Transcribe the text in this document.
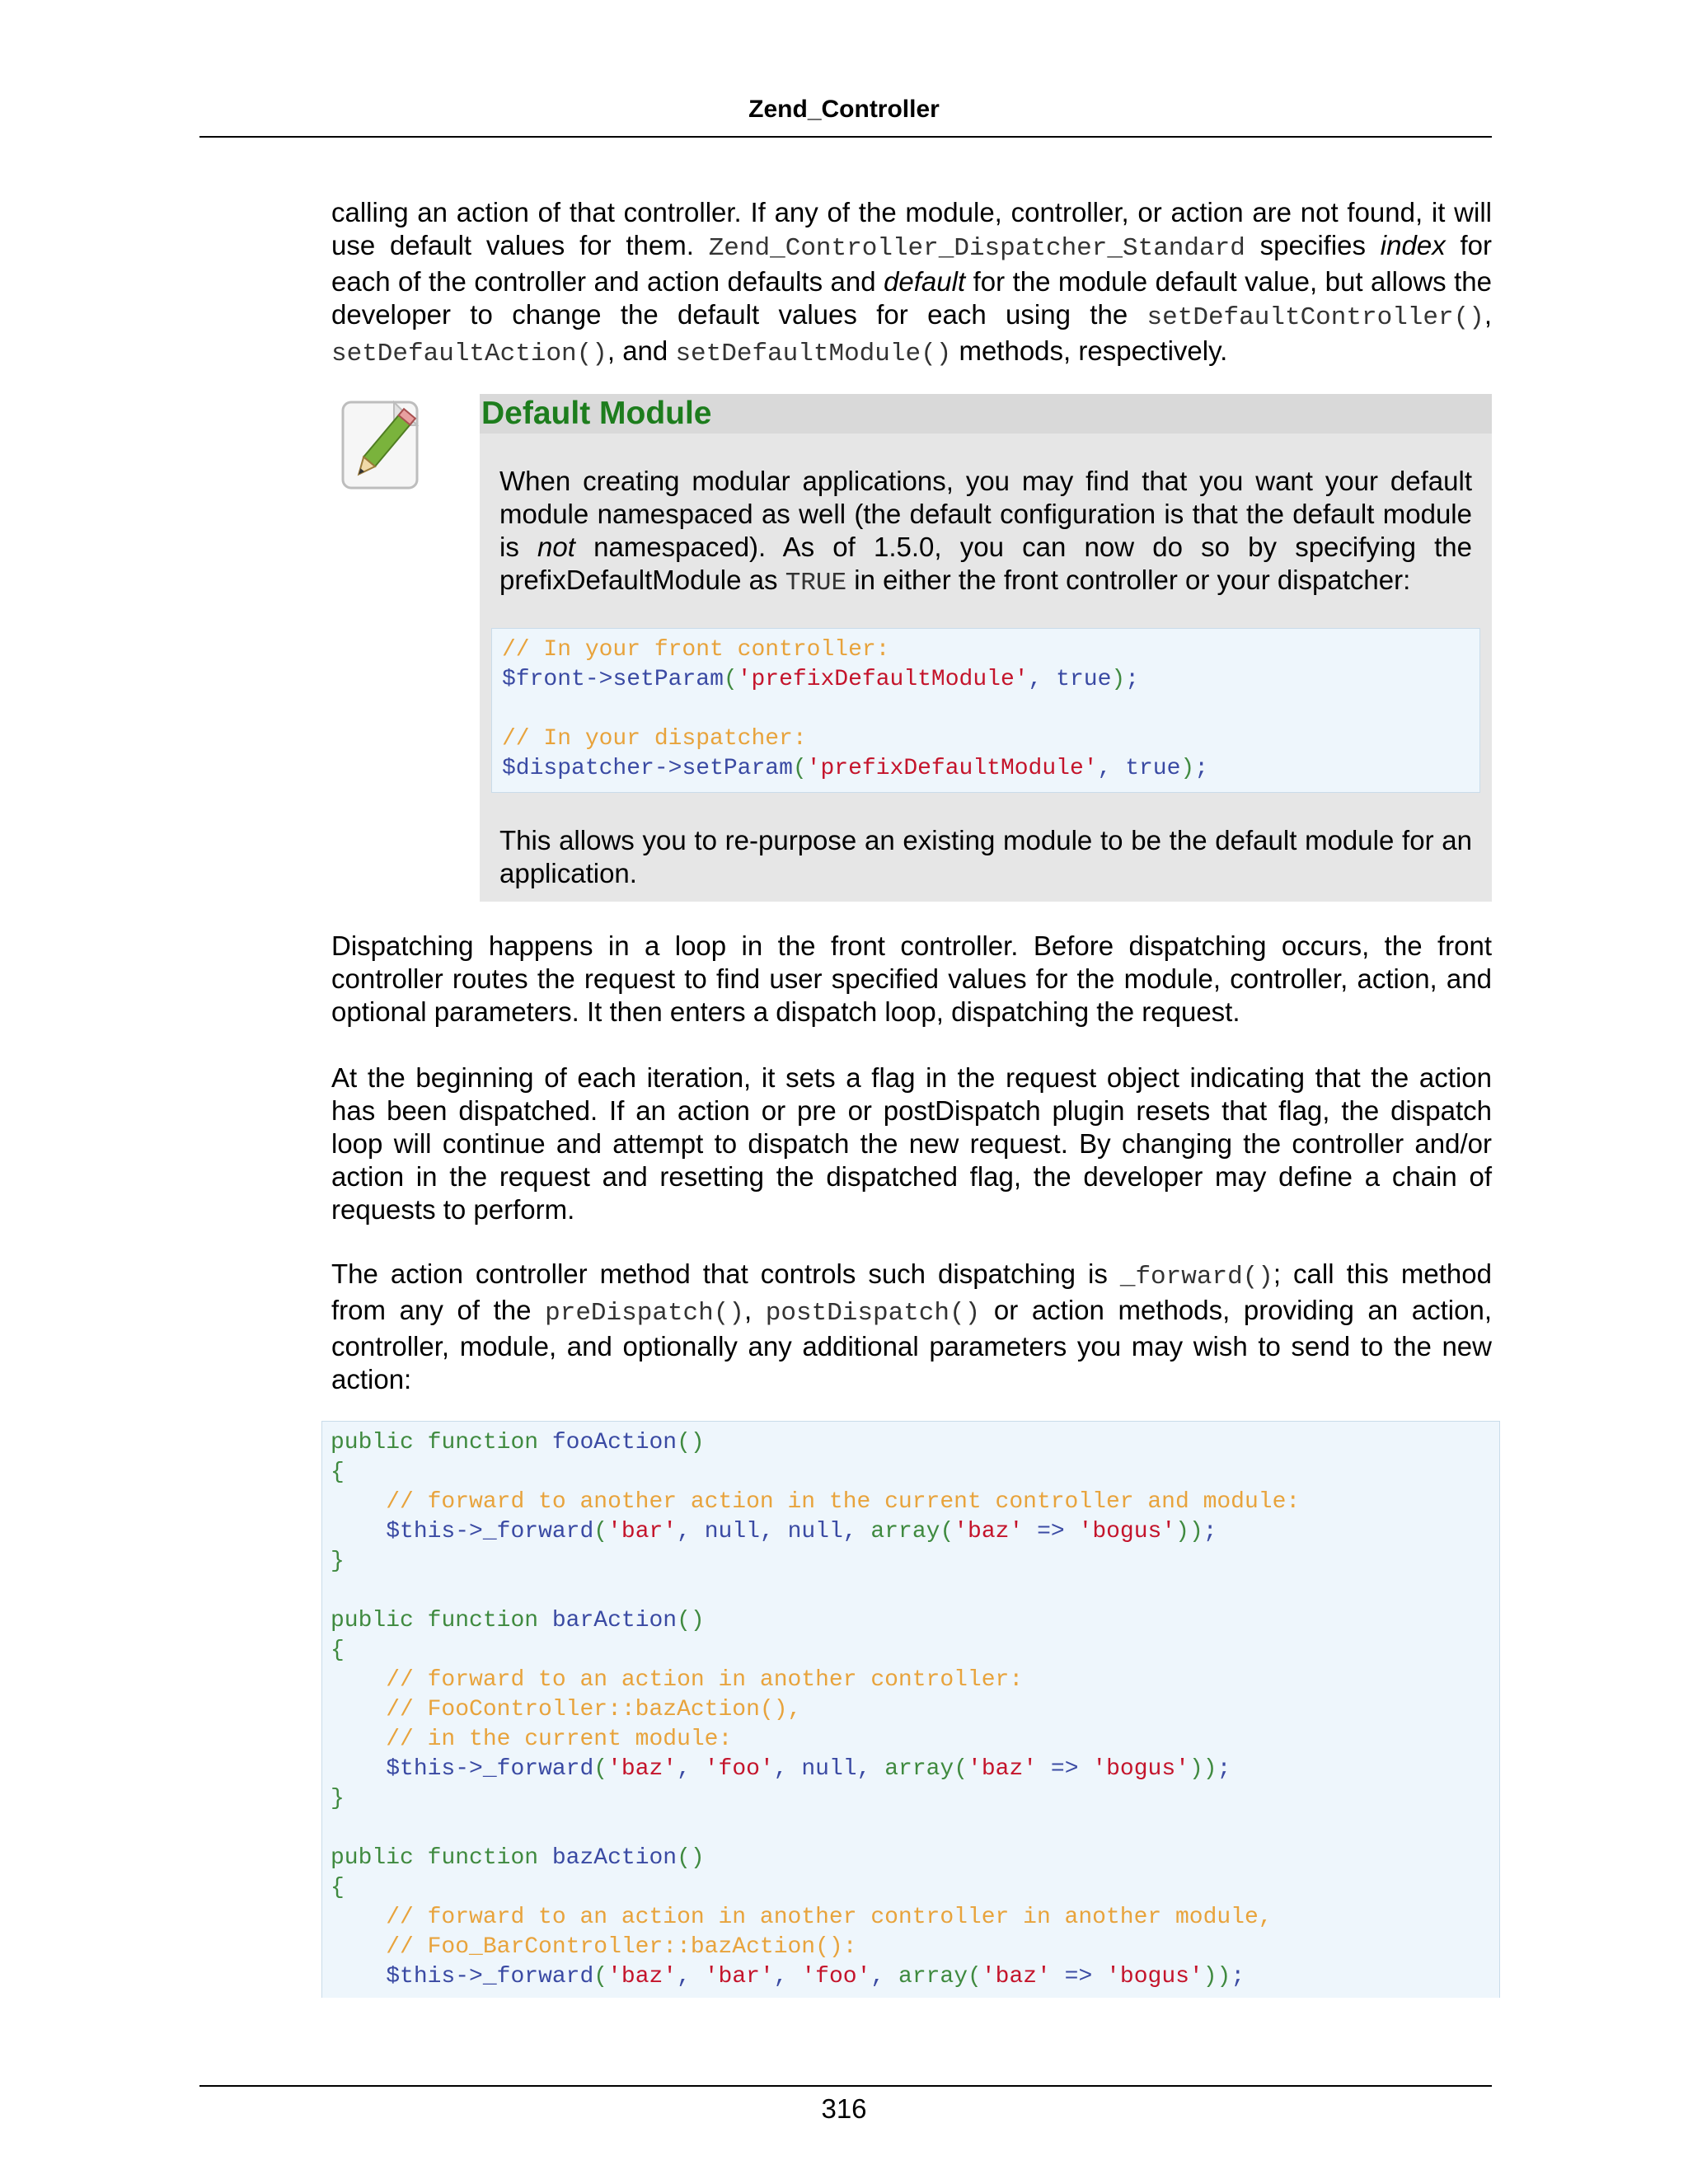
Zend_Controller

calling an action of that controller. If any of the module, controller, or action are not found, it will use default values for them. Zend_Controller_Dispatcher_Standard specifies index for each of the controller and action defaults and default for the module default value, but allows the developer to change the default values for each using the setDefaultController(), setDefaultAction(), and setDefaultModule() methods, respectively.

Default Module

When creating modular applications, you may find that you want your default module namespaced as well (the default configuration is that the default module is not namespaced). As of 1.5.0, you can now do so by specifying the prefixDefaultModule as TRUE in either the front controller or your dispatcher:

// In your front controller:
$front->setParam('prefixDefaultModule', true);

// In your dispatcher:
$dispatcher->setParam('prefixDefaultModule', true);

This allows you to re-purpose an existing module to be the default module for an application.

Dispatching happens in a loop in the front controller. Before dispatching occurs, the front controller routes the request to find user specified values for the module, controller, action, and optional parameters. It then enters a dispatch loop, dispatching the request.

At the beginning of each iteration, it sets a flag in the request object indicating that the action has been dispatched. If an action or pre or postDispatch plugin resets that flag, the dispatch loop will continue and attempt to dispatch the new request. By changing the controller and/or action in the request and resetting the dispatched flag, the developer may define a chain of requests to perform.

The action controller method that controls such dispatching is _forward(); call this method from any of the preDispatch(), postDispatch() or action methods, providing an action, controller, module, and optionally any additional parameters you may wish to send to the new action:

public function fooAction()
{
// forward to another action in the current controller and module:
$this->_forward('bar', null, null, array('baz' => 'bogus'));
}

public function barAction()
{
// forward to an action in another controller:
// FooController::bazAction(),
// in the current module:
$this->_forward('baz', 'foo', null, array('baz' => 'bogus'));
}

public function bazAction()
{
// forward to an action in another controller in another module,
// Foo_BarController::bazAction():
$this->_forward('baz', 'bar', 'foo', array('baz' => 'bogus'));
316
